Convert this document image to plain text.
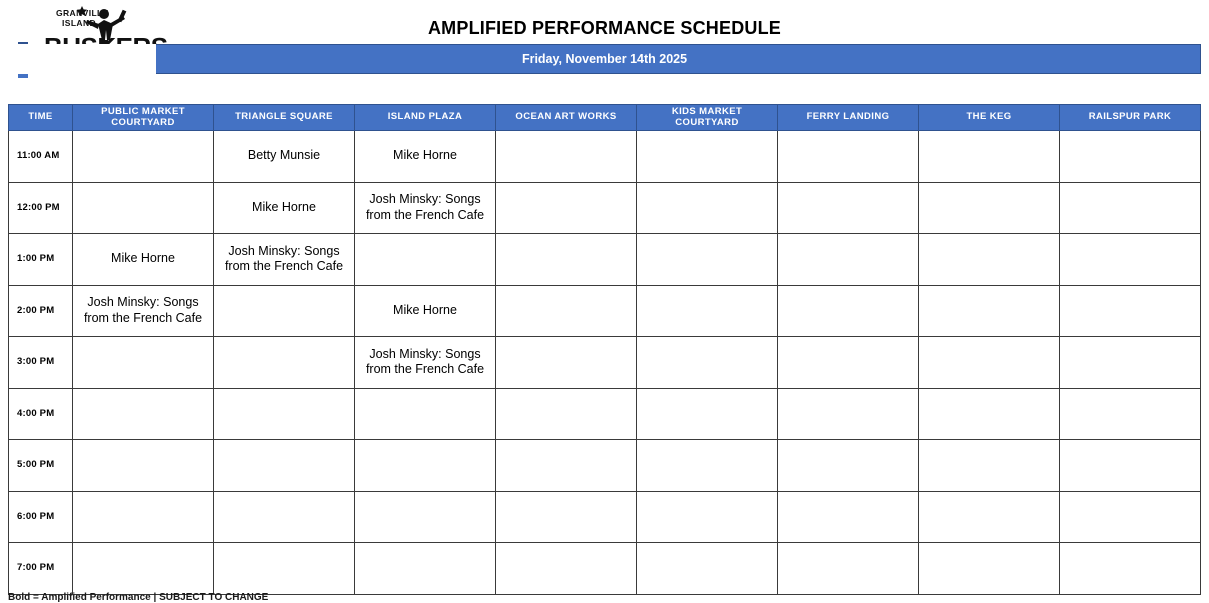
GRANVILLE
ISLAND	AMPLIFIED PERFORMANCE SCHEDULE
Friday, November 14th 2025
TIME	PUBLIC MARKET COURTYARD	TRIANGLE SQUARE	ISLAND PLAZA	OCEAN ART WORKS	KIDS MARKET COURTYARD	FERRY LANDING	THE KEG	RAILSPUR PARK
11:00 AM		Betty Munsie	Mike Horne					
12:00 PM		Mike Horne	Josh Minsky: Songs from the French Cafe					
1:00 PM	Mike Horne	Josh Minsky: Songs from the French Cafe						
2:00 PM	Josh Minsky: Songs from the French Cafe		Mike Horne					
3:00 PM			Josh Minsky: Songs from the French Cafe					
4:00 PM								
5:00 PM								
6:00 PM								
7:00 PM								
Bold = Amplified Performance | SUBJECT TO CHANGE
